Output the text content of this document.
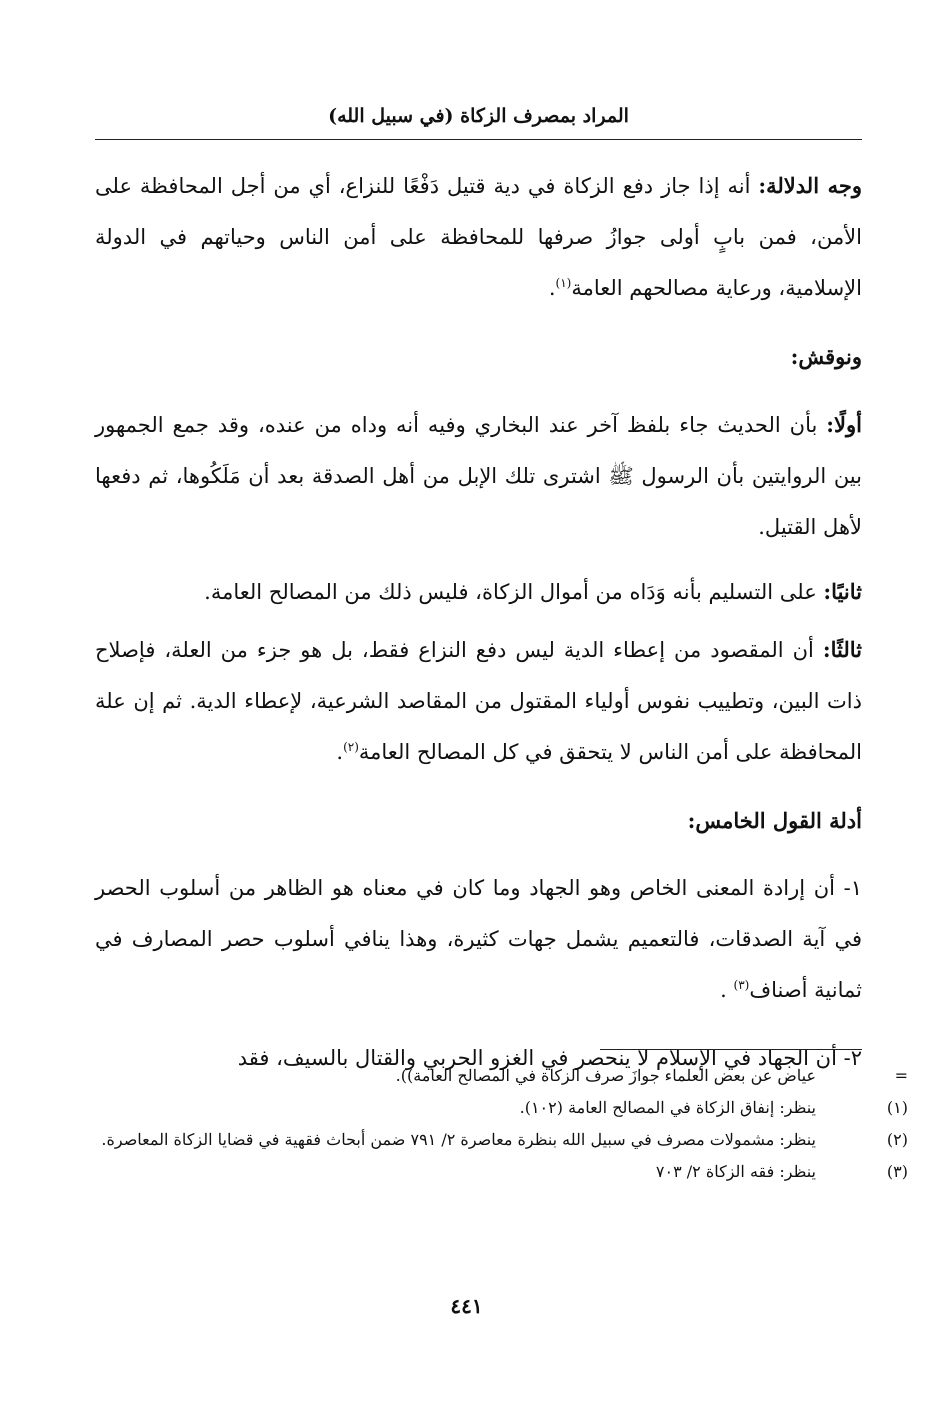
المراد بمصرف الزكاة (في سبيل الله)

وجه الدلالة: أنه إذا جاز دفع الزكاة في دية قتيل دَفْعًا للنزاع، أي من أجل المحافظة على الأمن، فمن بابٍ أولى جوازُ صرفها للمحافظة على أمن الناس وحياتهم في الدولة الإسلامية، ورعاية مصالحهم العامة$^{(١)}$.

ونوقش:

أولًا: بأن الحديث جاء بلفظ آخر عند البخاري وفيه أنه وداه من عنده، وقد جمع الجمهور بين الروايتين بأن الرسول ﷺ اشترى تلك الإبل من أهل الصدقة بعد أن مَلَكُوها، ثم دفعها لأهل القتيل.

ثانيًا: على التسليم بأنه وَدَاه من أموال الزكاة، فليس ذلك من المصالح العامة.

ثالثًا: أن المقصود من إعطاء الدية ليس دفع النزاع فقط، بل هو جزء من العلة، فإصلاح ذات البين، وتطييب نفوس أولياء المقتول من المقاصد الشرعية، لإعطاء الدية. ثم إن علة المحافظة على أمن الناس لا يتحقق في كل المصالح العامة$^{(٢)}$.

أدلة القول الخامس:

١- أن إرادة المعنى الخاص وهو الجهاد وما كان في معناه هو الظاهر من أسلوب الحصر في آية الصدقات، فالتعميم يشمل جهات كثيرة، وهذا ينافي أسلوب حصر المصارف في ثمانية أصناف$^{(٣)}$ .

٢- أن الجهاد في الإسلام لا ينحصر في الغزو الحربي والقتال بالسيف، فقد

=عياض عن بعض العلماء جوازَ صرف الزكاة في المصالح العامة)).

(١)ينظر: إنفاق الزكاة في المصالح العامة (١٠٢).

(٢)ينظر: مشمولات مصرف في سبيل الله بنظرة معاصرة ٢/ ٧٩١ ضمن أبحاث فقهية في قضايا الزكاة المعاصرة.

(٣)ينظر: فقه الزكاة ٢/ ٧٠٣

٤٤١
